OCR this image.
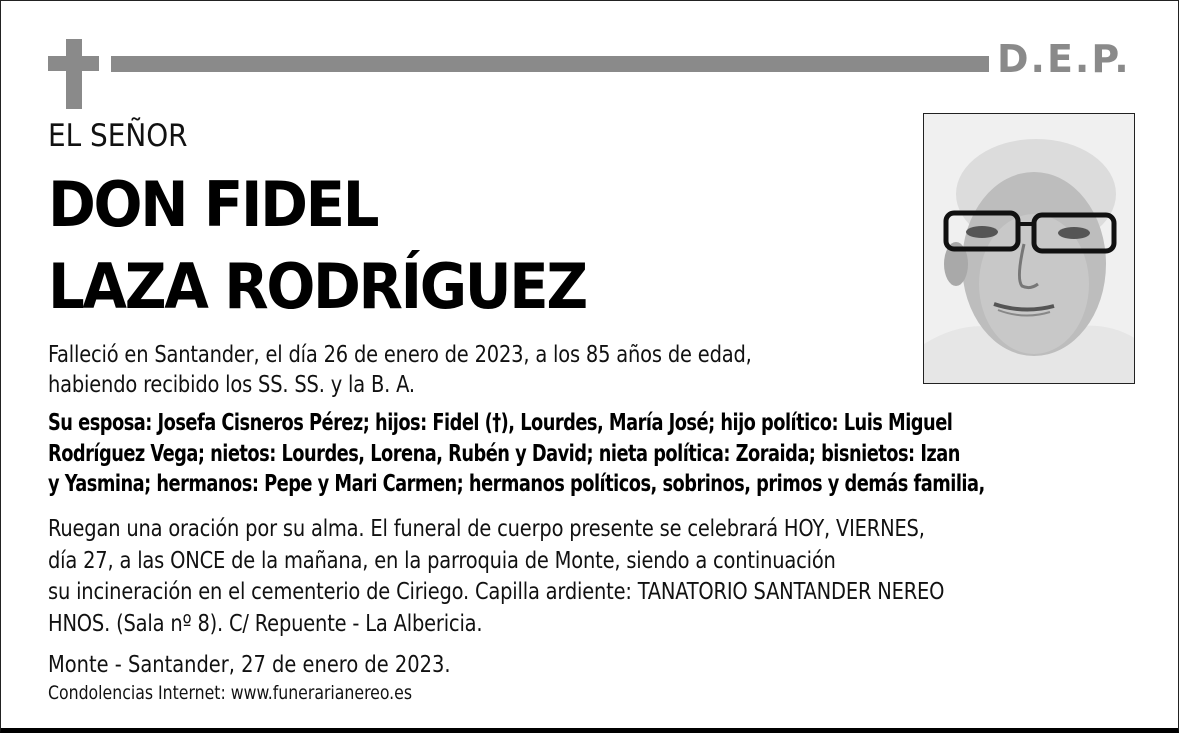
D.E.P.
EL SEÑOR
DON FIDEL
LAZA RODRÍGUEZ
Falleció en Santander, el día 26 de enero de 2023, a los 85 años de edad,
habiendo recibido los SS. SS. y la B. A.
Su esposa: Josefa Cisneros Pérez; hijos: Fidel (†), Lourdes, María José; hijo político: Luis Miguel
Rodríguez Vega; nietos: Lourdes, Lorena, Rubén y David; nieta política: Zoraida; bisnietos: Izan
y Yasmina; hermanos: Pepe y Mari Carmen; hermanos políticos, sobrinos, primos y demás familia,
Ruegan una oración por su alma. El funeral de cuerpo presente se celebrará HOY, VIERNES,
día 27, a las ONCE de la mañana, en la parroquia de Monte, siendo a continuación
su incineración en el cementerio de Ciriego. Capilla ardiente: TANATORIO SANTANDER NEREO
HNOS. (Sala nº 8). C/ Repuente - La Albericia.
Monte - Santander, 27 de enero de 2023.
Condolencias Internet: www.funerarianereo.es
